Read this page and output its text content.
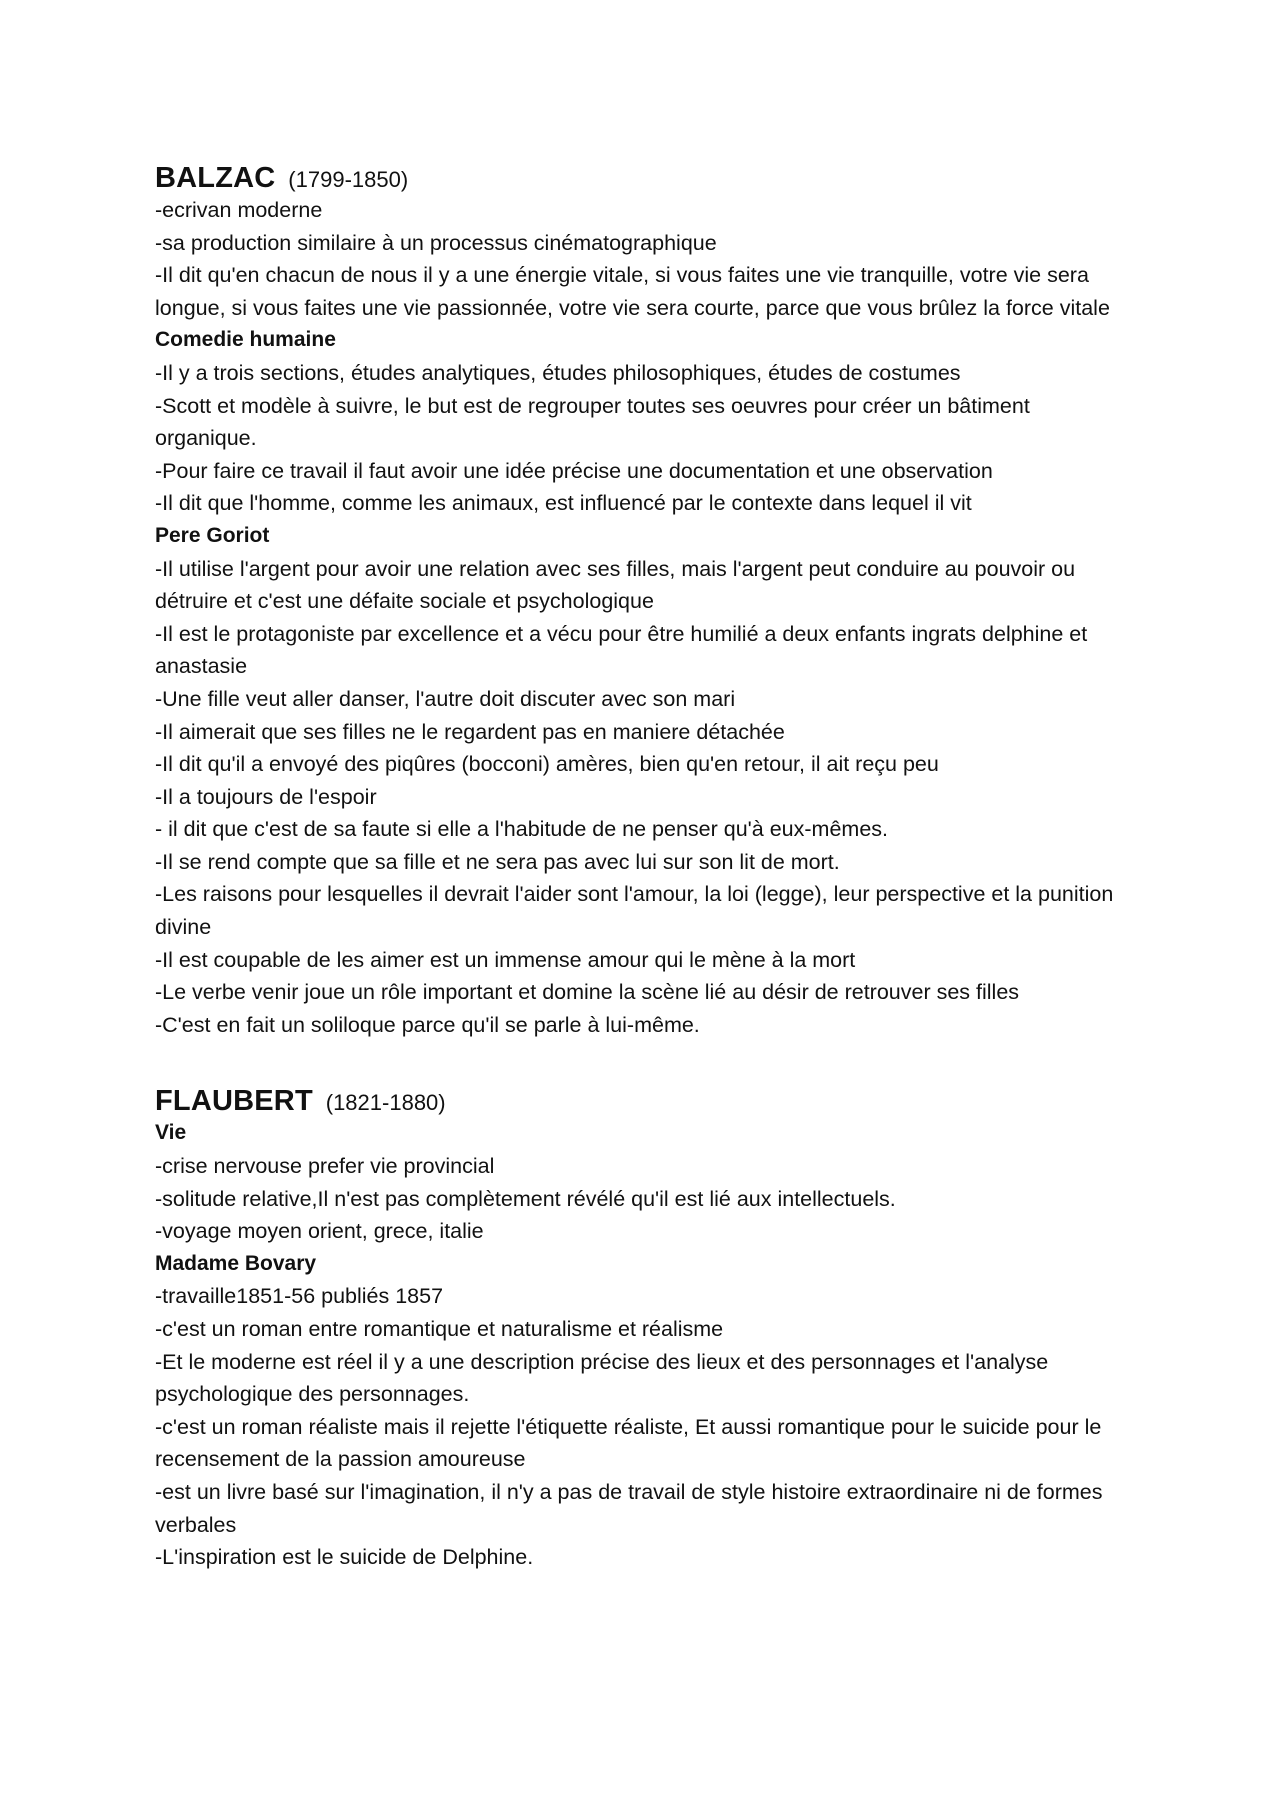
BALZAC (1799-1850)

-ecrivan moderne

-sa production similaire à un processus cinématographique

-Il dit qu'en chacun de nous il y a une énergie vitale, si vous faites une vie tranquille, votre vie sera longue, si vous faites une vie passionnée, votre vie sera courte, parce que vous brûlez la force vitale

Comedie humaine

-Il y a trois sections, études analytiques, études philosophiques, études de costumes

-Scott et modèle à suivre, le but est de regrouper toutes ses oeuvres pour créer un bâtiment organique.

-Pour faire ce travail il faut avoir une idée précise une documentation et une observation

-Il dit que l'homme, comme les animaux, est influencé par le contexte dans lequel il vit

Pere Goriot

-Il utilise l'argent pour avoir une relation avec ses filles, mais l'argent peut conduire au pouvoir ou détruire et c'est une défaite sociale et psychologique

-Il est le protagoniste par excellence et a vécu pour être humilié a deux enfants ingrats delphine et anastasie

-Une fille veut aller danser, l'autre doit discuter avec son mari

-Il aimerait que ses filles ne le regardent pas en maniere détachée

-Il dit qu'il a envoyé des piqûres (bocconi) amères, bien qu'en retour, il ait reçu peu

-Il a toujours de l'espoir

- il dit que c'est de sa faute si elle a l'habitude de ne penser qu'à eux-mêmes.

-Il se rend compte que sa fille et ne sera pas avec lui sur son lit de mort.

-Les raisons pour lesquelles il devrait l'aider sont l'amour, la loi (legge), leur perspective et la punition divine

-Il est coupable de les aimer est un immense amour qui le mène à la mort

-Le verbe venir joue un rôle important et domine la scène lié au désir de retrouver ses filles

-C'est en fait un soliloque parce qu'il se parle à lui-même.

FLAUBERT (1821-1880)
Vie

-crise nervouse prefer vie provincial

-solitude relative,Il n'est pas complètement révélé qu'il est lié aux intellectuels.

-voyage moyen orient, grece, italie

Madame Bovary

-travaille1851-56 publiés 1857

-c'est un roman entre romantique et naturalisme et réalisme

-Et le moderne est réel il y a une description précise des lieux et des personnages et l'analyse psychologique des personnages.

-c'est un roman réaliste mais il rejette l'étiquette réaliste, Et aussi romantique pour le suicide pour le recensement de la passion amoureuse

-est un livre basé sur l'imagination, il n'y a pas de travail de style histoire extraordinaire ni de formes verbales

-L'inspiration est le suicide de Delphine.
